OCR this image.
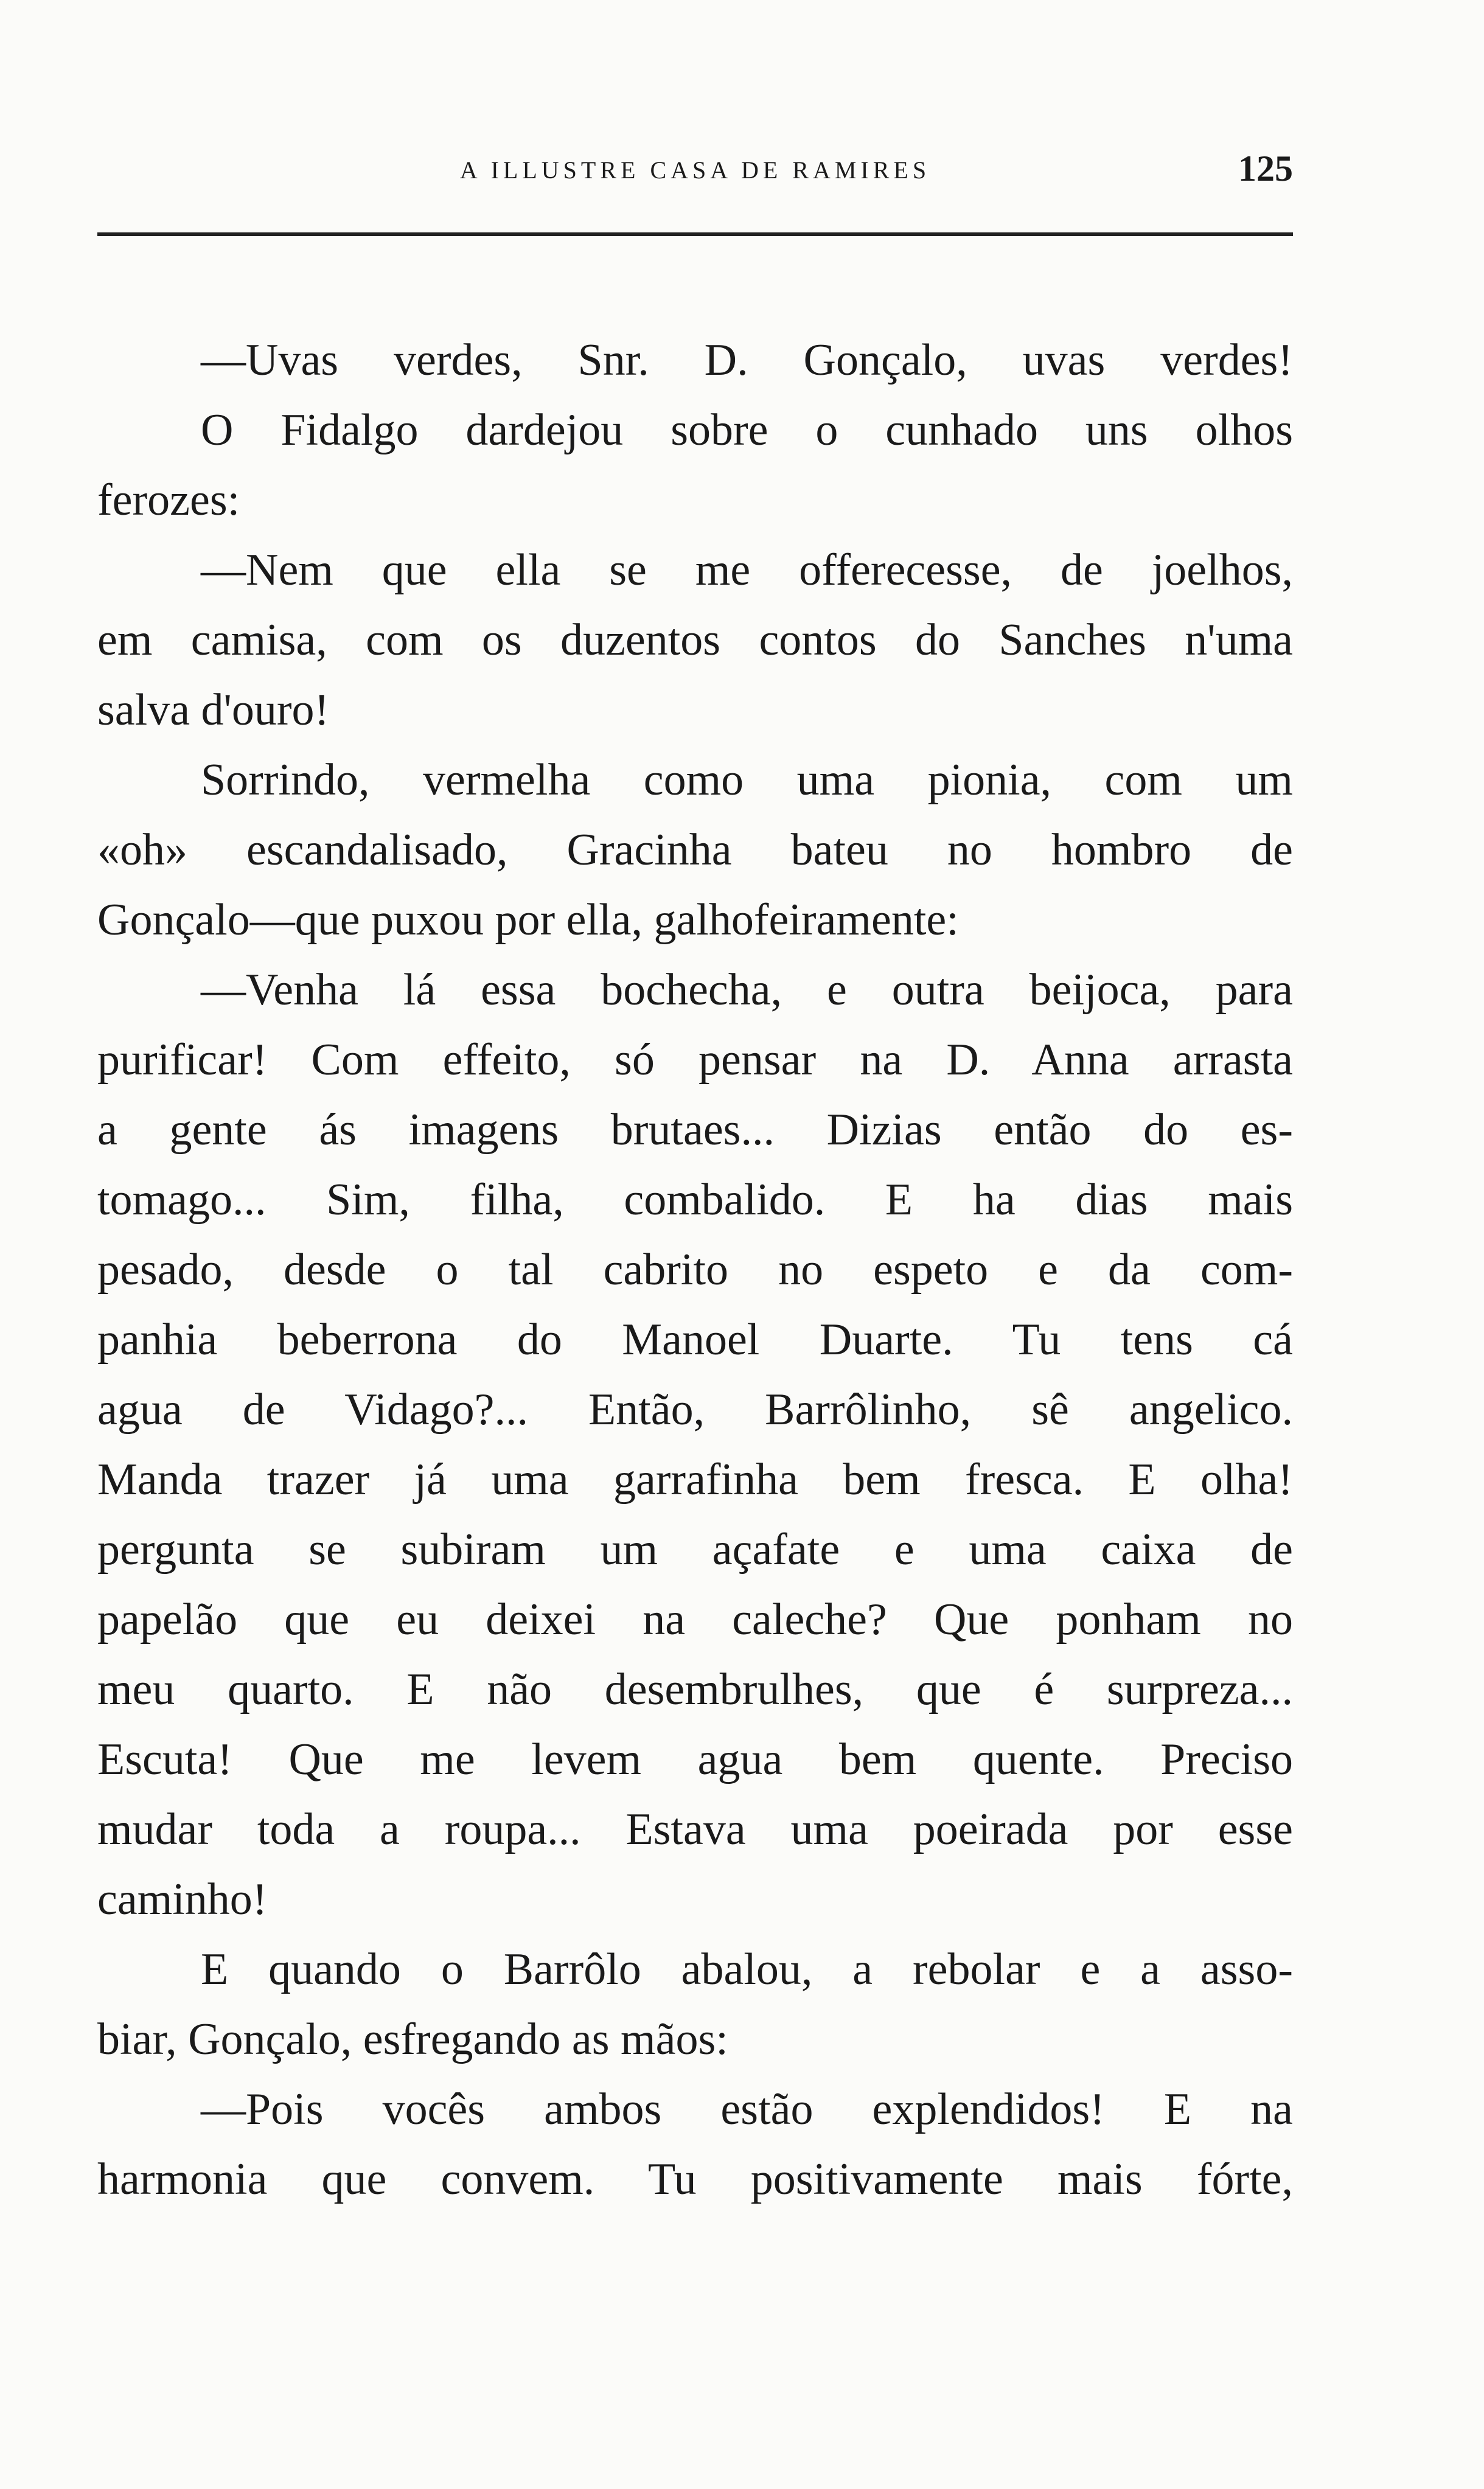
A ILLUSTRE CASA DE RAMIRES	125
—Uvas verdes, Snr. D. Gonçalo, uvas verdes!
O Fidalgo dardejou sobre o cunhado uns olhos
ferozes:
—Nem que ella se me offerecesse, de joelhos,
em camisa, com os duzentos contos do Sanches n'uma
salva d'ouro!
Sorrindo, vermelha como uma pionia, com um
«oh» escandalisado, Gracinha bateu no hombro de
Gonçalo—que puxou por ella, galhofeiramente:
—Venha lá essa bochecha, e outra beijoca, para
purificar! Com effeito, só pensar na D. Anna arrasta
a gente ás imagens brutaes... Dizias então do es-
tomago... Sim, filha, combalido. E ha dias mais
pesado, desde o tal cabrito no espeto e da com-
panhia beberrona do Manoel Duarte. Tu tens cá
agua de Vidago?... Então, Barrôlinho, sê angelico.
Manda trazer já uma garrafinha bem fresca. E olha!
pergunta se subiram um açafate e uma caixa de
papelão que eu deixei na caleche? Que ponham no
meu quarto. E não desembrulhes, que é surpreza...
Escuta! Que me levem agua bem quente. Preciso
mudar toda a roupa... Estava uma poeirada por esse
caminho!
E quando o Barrôlo abalou, a rebolar e a asso-
biar, Gonçalo, esfregando as mãos:
—Pois vocês ambos estão explendidos! E na
harmonia que convem. Tu positivamente mais fórte,
